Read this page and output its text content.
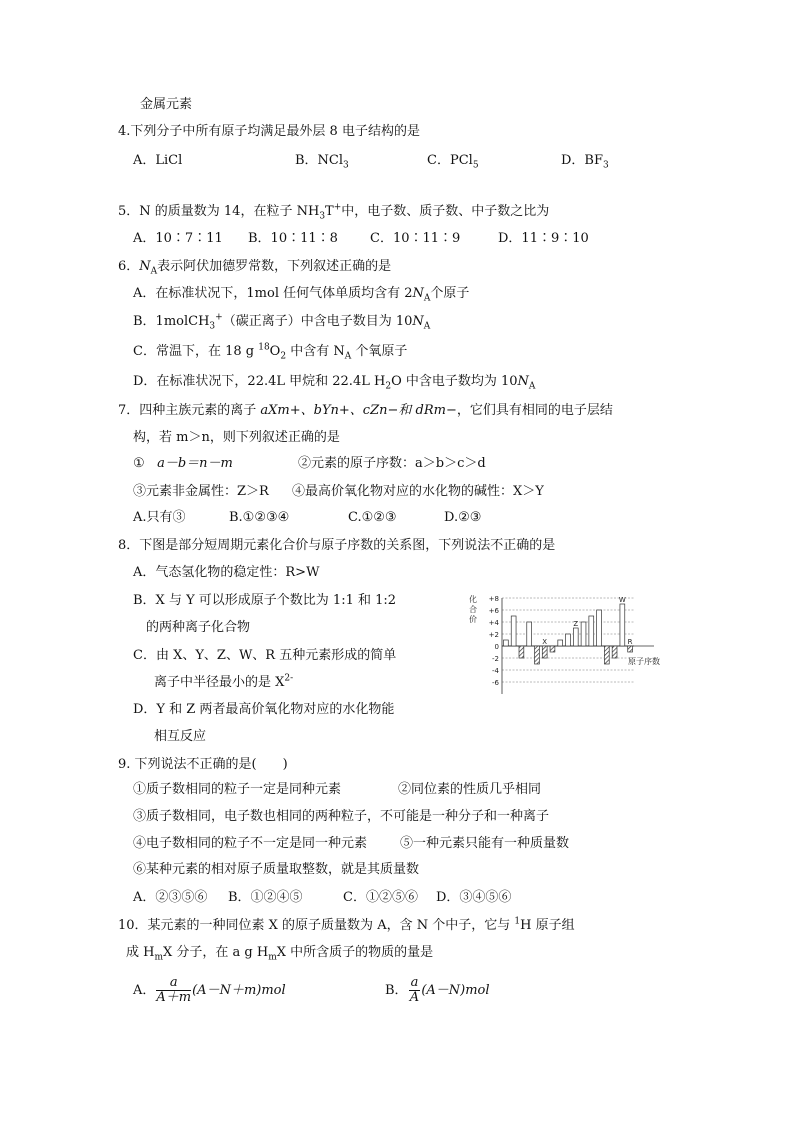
金属元素
4.下列分子中所有原子均满足最外层 8 电子结构的是
A．LiCl	B．NCl$_3$	C．PCl$_5$	D．$BF_3$
5．N 的质量数为 14，在粒子 $NH_3T^+$中，电子数、质子数、中子数之比为
A．10∶7∶11 B．10∶11∶8 C．10∶11∶9	D．11∶9∶10
6．$N_A$表示阿伏加德罗常数，下列叙述正确的是
A．在标准状况下，1mol 任何气体单质均含有 $2N_A$个原子
B．1molCH$_3$+（碳正离子）中含电子数目为 $10N_A$
C．常温下，在 18 g $^{18}O_2$ 中含有 $N_A$ 个氧原子
D．在标准状况下，22.4L 甲烷和 22.4L $H_2O$ 中含电子数均为 $10N_A$
7．四种主族元素的离子 aXm+、bYn+、cZn−和 dRm−，它们具有相同的电子层结
构，若 m＞n，则下列叙述正确的是
① a－b＝n－m	②元素的原子序数：a＞b＞c＞d
③元素非金属性：Z＞R ④最高价氧化物对应的水化物的碱性：X＞Y
A.只有③	B.①②③④	C.①②③	D.②③
8．下图是部分短周期元素化合价与原子序数的关系图，下列说法不正确的是
A．气态氢化物的稳定性：R>W
B．X 与 Y 可以形成原子个数比为 1:1 和 1:2
的两种离子化合物
C．由 X、Y、Z、W、R 五种元素形成的简单
离子中半径最小的是 $X^{2-}$
D．Y 和 Z 两者最高价氧化物对应的水化物能
相互反应
化
合
价
+8
+6
+4
+2
0
-2
-4
-6
X
Z
W
R
原子序数
9. 下列说法不正确的是(　　)
①质子数相同的粒子一定是同种元素	②同位素的性质几乎相同
③质子数相同，电子数也相同的两种粒子，不可能是一种分子和一种离子
④电子数相同的粒子不一定是同一种元素	⑤一种元素只能有一种质量数
⑥某种元素的相对原子质量取整数，就是其质量数
A．②③⑤⑥ B．①②④⑤	C．①②⑤⑥ D．③④⑤⑥
10．某元素的一种同位素 X 的原子质量数为 A，含 N 个中子，它与 $^1$H 原子组
成 $H_mX$ 分子，在 a g $H_mX$ 中所含质子的物质的量是
A． $\frac{a}{A+m} (A-N+m)mol$	B． $\frac{a}{A} (A-N)mol$
